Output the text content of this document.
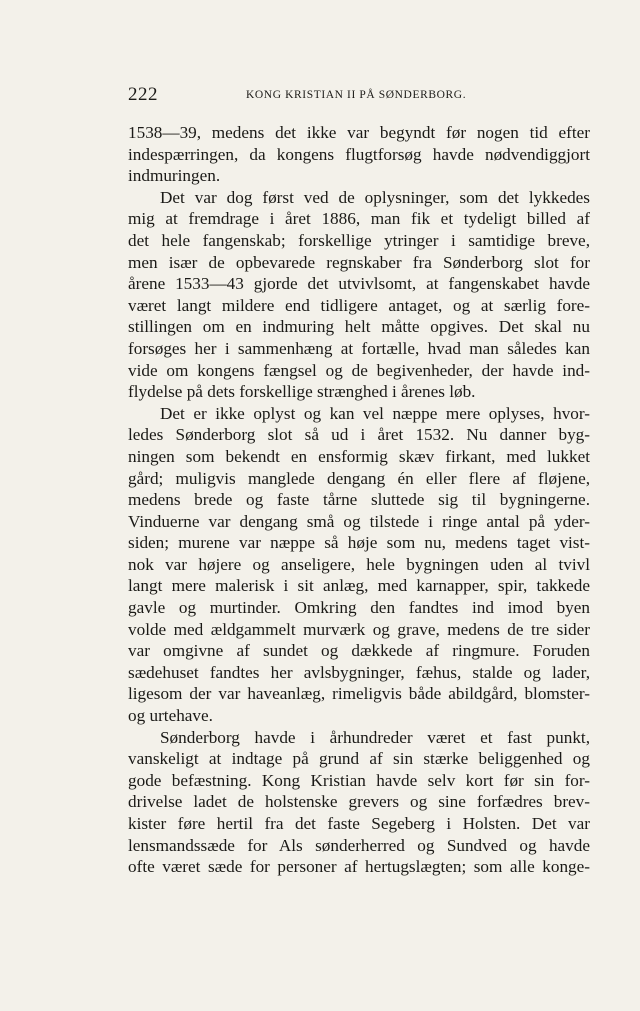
222	KONG KRISTIAN II PÅ SØNDERBORG.
1538—39, medens det ikke var begyndt før nogen tid efter
indespærringen, da kongens flugtforsøg havde nødvendiggjort
indmuringen.
Det var dog først ved de oplysninger, som det lykkedes
mig at fremdrage i året 1886, man fik et tydeligt billed af
det hele fangenskab; forskellige ytringer i samtidige breve,
men især de opbevarede regnskaber fra Sønderborg slot for
årene 1533—43 gjorde det utvivlsomt, at fangenskabet havde
været langt mildere end tidligere antaget, og at særlig fore-
stillingen om en indmuring helt måtte opgives. Det skal nu
forsøges her i sammenhæng at fortælle, hvad man således kan
vide om kongens fængsel og de begivenheder, der havde ind-
flydelse på dets forskellige strænghed i årenes løb.
Det er ikke oplyst og kan vel næppe mere oplyses, hvor-
ledes Sønderborg slot så ud i året 1532. Nu danner byg-
ningen som bekendt en ensformig skæv firkant, med lukket
gård; muligvis manglede dengang én eller flere af fløjene,
medens brede og faste tårne sluttede sig til bygningerne.
Vinduerne var dengang små og tilstede i ringe antal på yder-
siden; murene var næppe så høje som nu, medens taget vist-
nok var højere og anseligere, hele bygningen uden al tvivl
langt mere malerisk i sit anlæg, med karnapper, spir, takkede
gavle og murtinder. Omkring den fandtes ind imod byen
volde med ældgammelt murværk og grave, medens de tre sider
var omgivne af sundet og dækkede af ringmure. Foruden
sædehuset fandtes her avlsbygninger, fæhus, stalde og lader,
ligesom der var haveanlæg, rimeligvis både abildgård, blomster-
og urtehave.
Sønderborg havde i århundreder været et fast punkt,
vanskeligt at indtage på grund af sin stærke beliggenhed og
gode befæstning. Kong Kristian havde selv kort før sin for-
drivelse ladet de holstenske grevers og sine forfædres brev-
kister føre hertil fra det faste Segeberg i Holsten. Det var
lensmandssæde for Als sønderherred og Sundved og havde
ofte været sæde for personer af hertugslægten; som alle konge-
